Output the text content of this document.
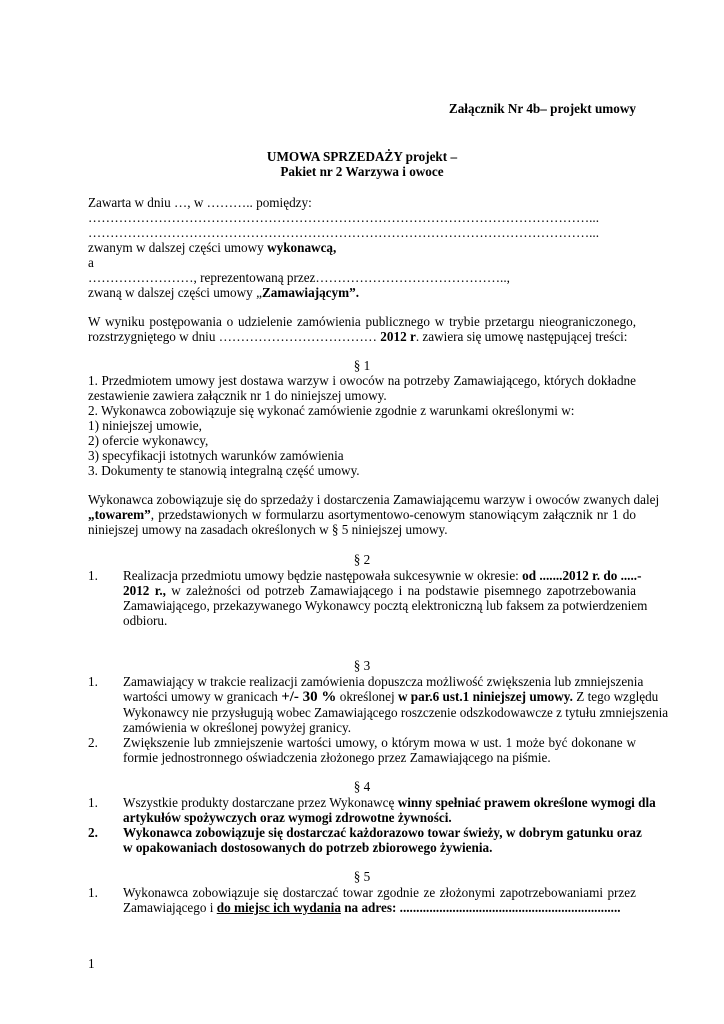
Załącznik Nr 4b– projekt umowy
UMOWA SPRZEDAŻY projekt –
Pakiet nr 2 Warzywa i owoce
Zawarta w dniu …, w ……….. pomiędzy:
……………………………………………………………………………………………………...
……………………………………………………………………………………………………...
zwanym w dalszej części umowy wykonawcą,
a
……………………, reprezentowaną przez……………………………………..,
zwaną w dalszej części umowy „Zamawiającym”.
W wyniku postępowania o udzielenie zamówienia publicznego w trybie przetargu nieograniczonego,
rozstrzygniętego w dniu ……………………………… 2012 r. zawiera się umowę następującej treści:
§ 1
1. Przedmiotem umowy jest dostawa warzyw i owoców na potrzeby Zamawiającego, których dokładne
zestawienie zawiera załącznik nr 1 do niniejszej umowy.
2. Wykonawca zobowiązuje się wykonać zamówienie zgodnie z warunkami określonymi w:
1) niniejszej umowie,
2) ofercie wykonawcy,
3) specyfikacji istotnych warunków zamówienia
3. Dokumenty te stanowią integralną część umowy.
Wykonawca zobowiązuje się do sprzedaży i dostarczenia Zamawiającemu warzyw i owoców zwanych dalej
„towarem”, przedstawionych w formularzu asortymentowo-cenowym stanowiącym załącznik nr 1 do
niniejszej umowy na zasadach określonych w § 5 niniejszej umowy.
§ 2
1. Realizacja przedmiotu umowy będzie następowała sukcesywnie w okresie: od .......2012 r. do .....-
2012 r., w zależności od potrzeb Zamawiającego i na podstawie pisemnego zapotrzebowania
Zamawiającego, przekazywanego Wykonawcy pocztą elektroniczną lub faksem za potwierdzeniem
odbioru.
§ 3
1. Zamawiający w trakcie realizacji zamówienia dopuszcza możliwość zwiększenia lub zmniejszenia
wartości umowy w granicach +/- 30 % określonej w par.6 ust.1 niniejszej umowy. Z tego względu
Wykonawcy nie przysługują wobec Zamawiającego roszczenie odszkodowawcze z tytułu zmniejszenia
zamówienia w określonej powyżej granicy.
2. Zwiększenie lub zmniejszenie wartości umowy, o którym mowa w ust. 1 może być dokonane w
formie jednostronnego oświadczenia złożonego przez Zamawiającego na piśmie.
§ 4
1. Wszystkie produkty dostarczane przez Wykonawcę winny spełniać prawem określone wymogi dla
artykułów spożywczych oraz wymogi zdrowotne żywności.
2. Wykonawca zobowiązuje się dostarczać każdorazowo towar świeży, w dobrym gatunku oraz
w opakowaniach dostosowanych do potrzeb zbiorowego żywienia.
§ 5
1. Wykonawca zobowiązuje się dostarczać towar zgodnie ze złożonymi zapotrzebowaniami przez
Zamawiającego i do miejsc ich wydania na adres: ...................................................................
1
